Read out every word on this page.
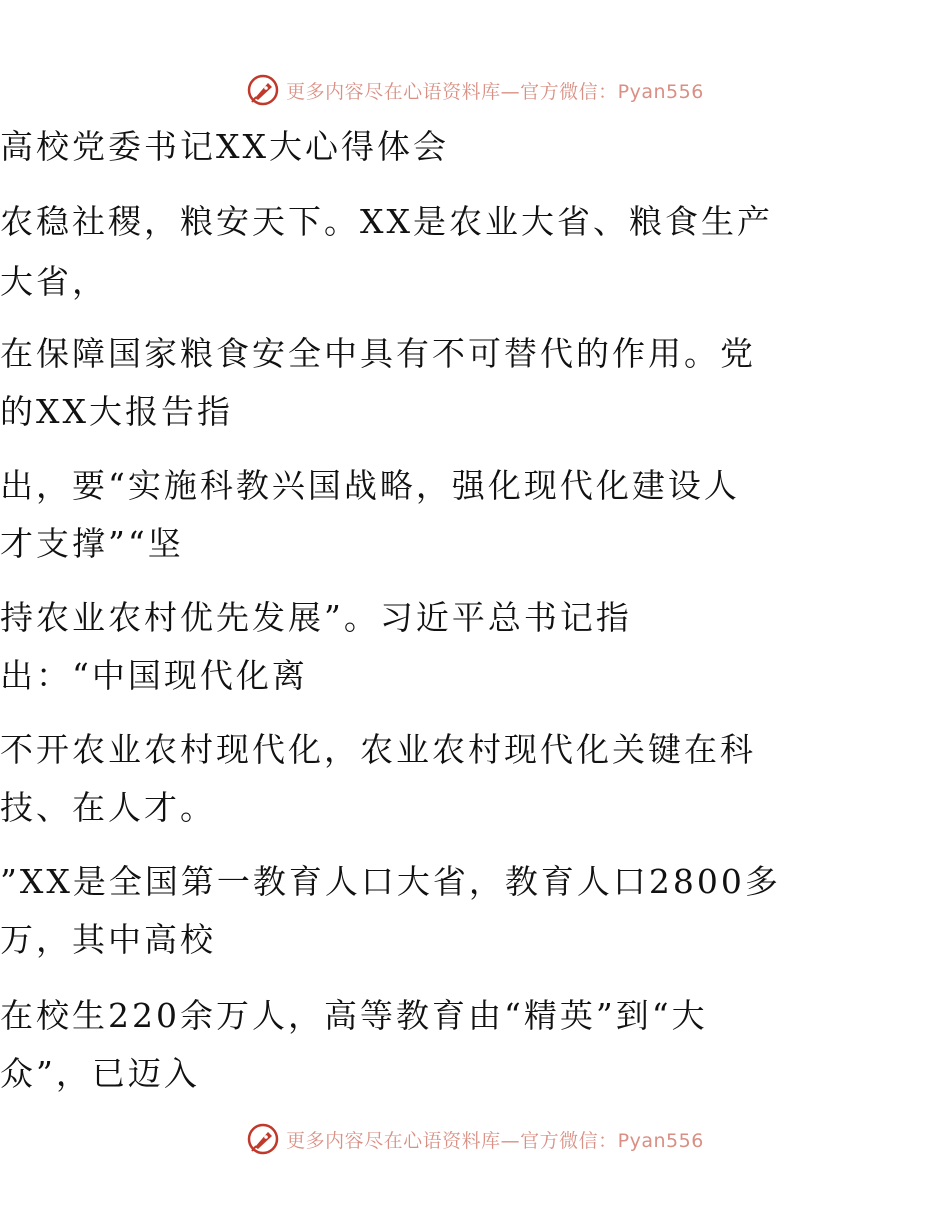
更多内容尽在心语资料库—官方微信：Pyan556
高校党委书记XX大心得体会
农稳社稷，粮安天下。XX是农业大省、粮食生产
大省，
在保障国家粮食安全中具有不可替代的作用。党
的XX大报告指
出，要“实施科教兴国战略，强化现代化建设人
才支撑”“坚
持农业农村优先发展”。习近平总书记指
出：“中国现代化离
不开农业农村现代化，农业农村现代化关键在科
技、在人才。
”XX是全国第一教育人口大省，教育人口2800多
万，其中高校
在校生220余万人，高等教育由“精英”到“大
众”，已迈入
更多内容尽在心语资料库—官方微信：Pyan556
